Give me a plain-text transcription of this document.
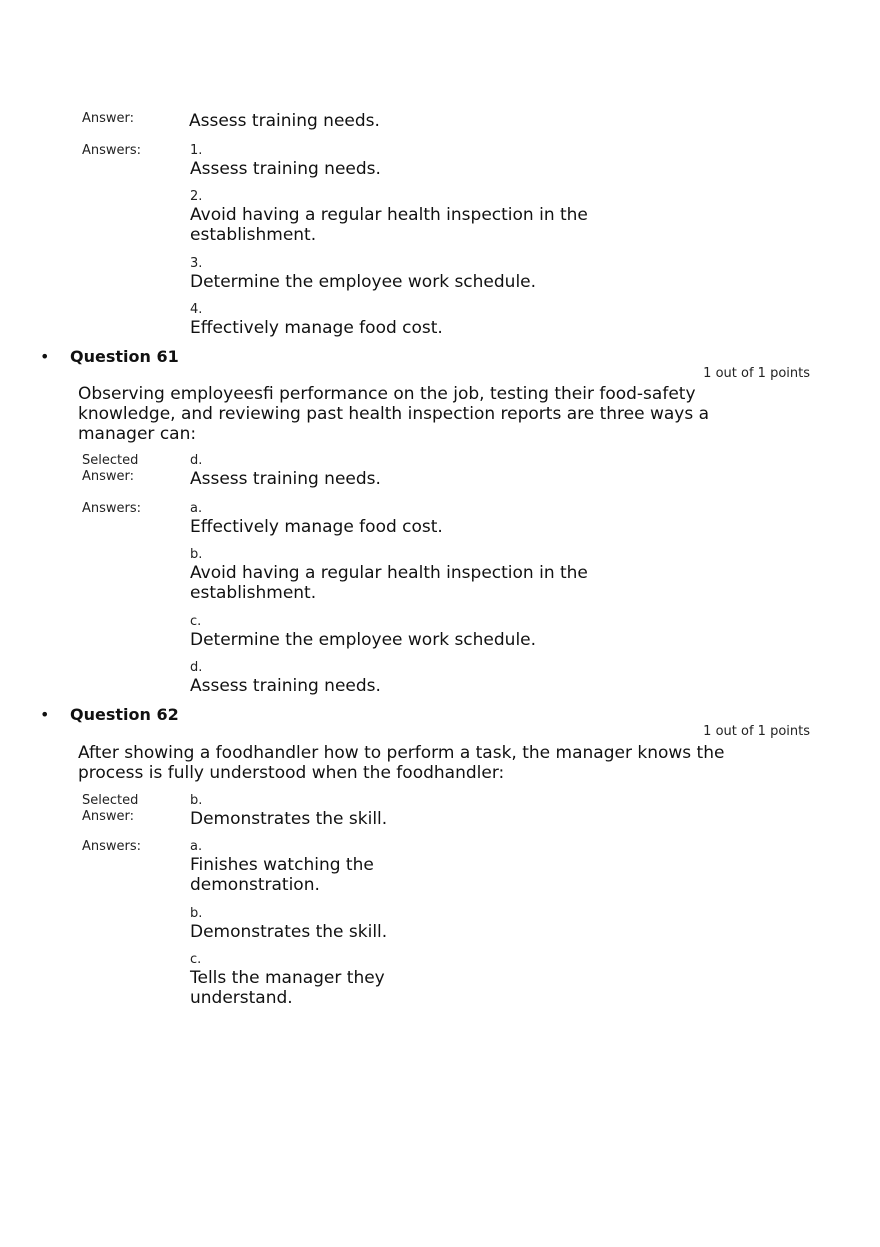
Answer:	Assess training needs.
Answers:	1.
Assess training needs.
2.
Avoid having a regular health inspection in the establishment.
3.
Determine the employee work schedule.
4.
Effectively manage food cost.
• Question 61
1 out of 1 points
Observing employeesfi performance on the job, testing their food-safety knowledge, and reviewing past health inspection reports are three ways a manager can:
Selected
Answer:
d.
Assess training needs.
Answers:	a.
Effectively manage food cost.
b.
Avoid having a regular health inspection in the establishment.
c.
Determine the employee work schedule.
d.
Assess training needs.
• Question 62
1 out of 1 points
After showing a foodhandler how to perform a task, the manager knows the process is fully understood when the foodhandler:
Selected
Answer:
b.
Demonstrates the skill.
Answers:	a.
Finishes watching the demonstration.
b.
Demonstrates the skill.
c.
Tells the manager they understand.
